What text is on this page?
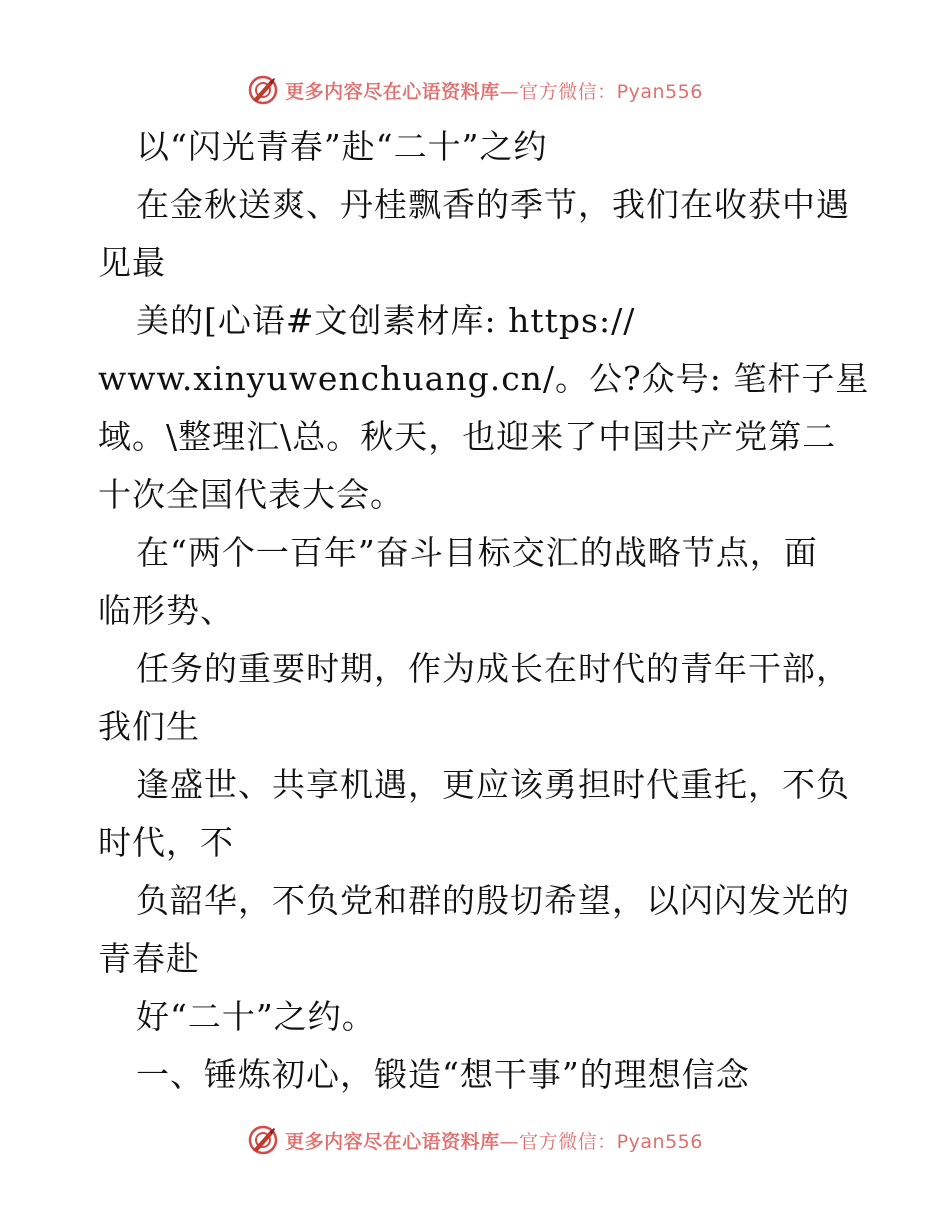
更多内容尽在心语资料库—官方微信：Pyan556
以“闪光青春”赴“二十”之约
在金秋送爽、丹桂飘香的季节，我们在收获中遇
见最
美的[心语#文创素材库: https://
www.xinyuwenchuang.cn/。公?众号: 笔杆子星
域。\整理汇\总。秋天，也迎来了中国共产党第二
十次全国代表大会。
在“两个一百年”奋斗目标交汇的战略节点，面
临形势、
任务的重要时期，作为成长在时代的青年干部，
我们生
逢盛世、共享机遇，更应该勇担时代重托，不负
时代，不
负韶华，不负党和群的殷切希望，以闪闪发光的
青春赴
好“二十”之约。
一、锤炼初心，锻造“想干事”的理想信念
更多内容尽在心语资料库—官方微信：Pyan556
